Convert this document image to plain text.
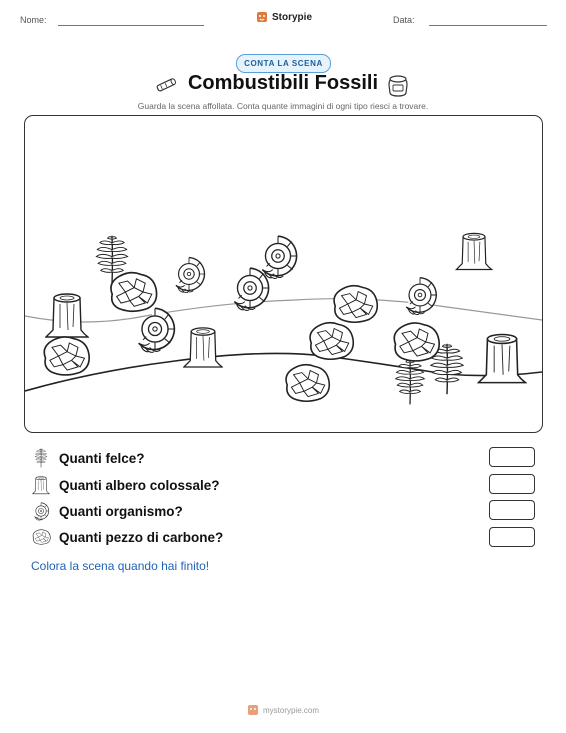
Nome:	Storypie	Data:
CONTA LA SCENA
Combustibili Fossili
Guarda la scena affollata. Conta quante immagini di ogni tipo riesci a trovare.
Quanti felce?
Quanti albero colossale?
Quanti organismo?
Quanti pezzo di carbone?
Colora la scena quando hai finito!
mystorypie.com
